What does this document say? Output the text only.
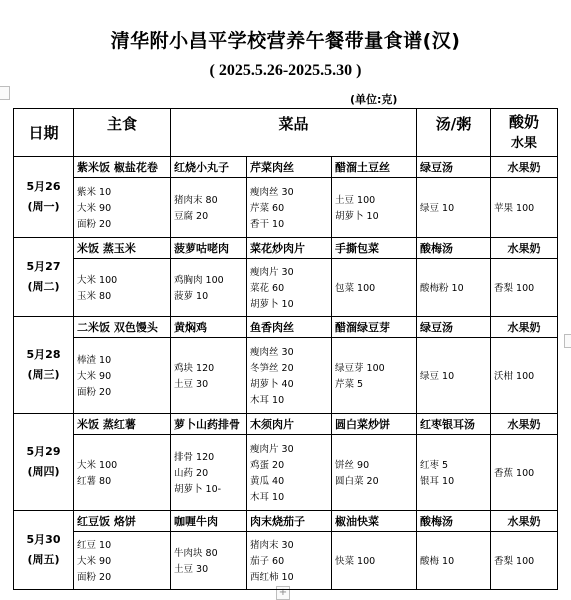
清华附小昌平学校营养午餐带量食谱(汉)
( 2025.5.26-2025.5.30 )
(单位:克)
+
日期	主食	菜品			汤/粥	酸奶
水果

5月26
(周一)	紫米饭 椒盐花卷	红烧小丸子	芹菜肉丝	醋溜土豆丝	绿豆汤	水果奶

	紫米 10
大米 90
面粉 20	猪肉末 80
豆腐 20	瘦肉丝 30
芹菜 60
香干 10	土豆 100
胡萝卜 10	绿豆 10	苹果 100

5月27
(周二)	米饭 蒸玉米	菠萝咕咾肉	菜花炒肉片	手撕包菜	酸梅汤	水果奶

	大米 100
玉米 80	鸡胸肉 100
菠萝 10	瘦肉片 30
菜花 60
胡萝卜 10	包菜 100	酸梅粉 10	香梨 100

5月28
(周三)	二米饭 双色馒头	黄焖鸡	鱼香肉丝	醋溜绿豆芽	绿豆汤	水果奶

	棒渣 10
大米 90
面粉 20	鸡块 120
土豆 30	瘦肉丝 30
冬笋丝 20
胡萝卜 40
木耳 10	绿豆芽 100
芹菜 5	绿豆 10	沃柑 100

5月29
(周四)	米饭 蒸红薯	萝卜山药排骨	木须肉片	圆白菜炒饼	红枣银耳汤	水果奶

	大米 100
红薯 80	排骨 120
山药 20
胡萝卜 10-	瘦肉片 30
鸡蛋 20
黄瓜 40
木耳 10	饼丝 90
圆白菜 20	红枣 5
银耳 10	香蕉 100

5月30
(周五)	红豆饭 烙饼	咖喱牛肉	肉末烧茄子	椒油快菜	酸梅汤	水果奶

	红豆 10
大米 90
面粉 20	牛肉块 80
土豆 30	猪肉末 30
茄子 60
西红柿 10	快菜 100	酸梅 10	香梨 100
